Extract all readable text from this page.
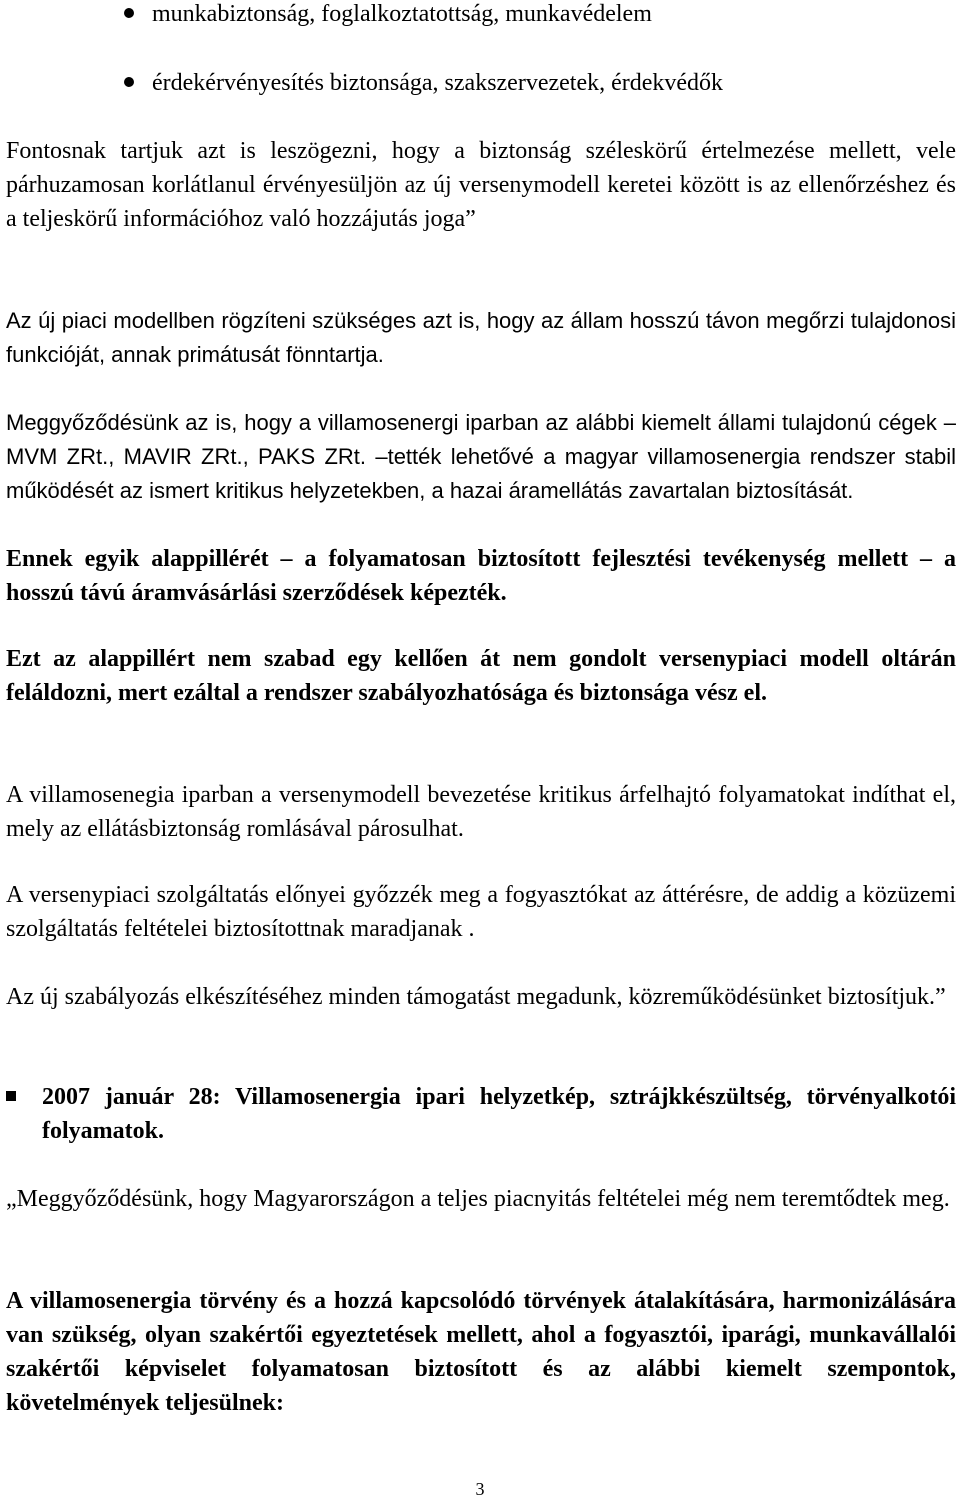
munkabiztonság, foglalkoztatottság, munkavédelem
érdekérvényesítés biztonsága, szakszervezetek, érdekvédők
Fontosnak tartjuk azt is leszögezni, hogy a biztonság széleskörű értelmezése mellett, vele párhuzamosan korlátlanul érvényesüljön az új versenymodell keretei között is az ellenőrzéshez és a teljeskörű információhoz való hozzájutás joga”
Az új piaci modellben rögzíteni szükséges azt is, hogy az állam hosszú távon megőrzi tulajdonosi funkcióját, annak primátusát fönntartja.
Meggyőződésünk az is, hogy a villamosenergi iparban az alábbi kiemelt állami tulajdonú cégek – MVM ZRt., MAVIR ZRt., PAKS ZRt. –tették lehetővé a magyar villamosenergia rendszer stabil működését az ismert kritikus helyzetekben, a hazai áramellátás zavartalan biztosítását.
Ennek egyik alappillérét – a folyamatosan biztosított fejlesztési tevékenység mellett – a hosszú távú áramvásárlási szerződések képezték.
Ezt az alappillért nem szabad egy kellően át nem gondolt versenypiaci modell oltárán feláldozni, mert ezáltal a rendszer szabályozhatósága és biztonsága vész el.
A villamosenegia iparban a versenymodell bevezetése kritikus árfelhajtó folyamatokat indíthat el, mely az ellátásbiztonság romlásával párosulhat.
A versenypiaci szolgáltatás előnyei győzzék meg a fogyasztókat az áttérésre, de addig a közüzemi szolgáltatás feltételei biztosítottnak maradjanak .
Az új szabályozás elkészítéséhez minden támogatást megadunk, közreműködésünket biztosítjuk.”
2007 január 28: Villamosenergia ipari helyzetkép, sztrájkkészültség, törvényalkotói folyamatok.
„Meggyőződésünk, hogy Magyarországon a teljes piacnyitás feltételei még nem teremtődtek meg.
A villamosenergia törvény és a hozzá kapcsolódó törvények átalakítására, harmonizálására van szükség, olyan szakértői egyeztetések mellett, ahol a fogyasztói, iparági, munkavállalói szakértői képviselet folyamatosan biztosított és az alábbi kiemelt szempontok, követelmények teljesülnek:
3
